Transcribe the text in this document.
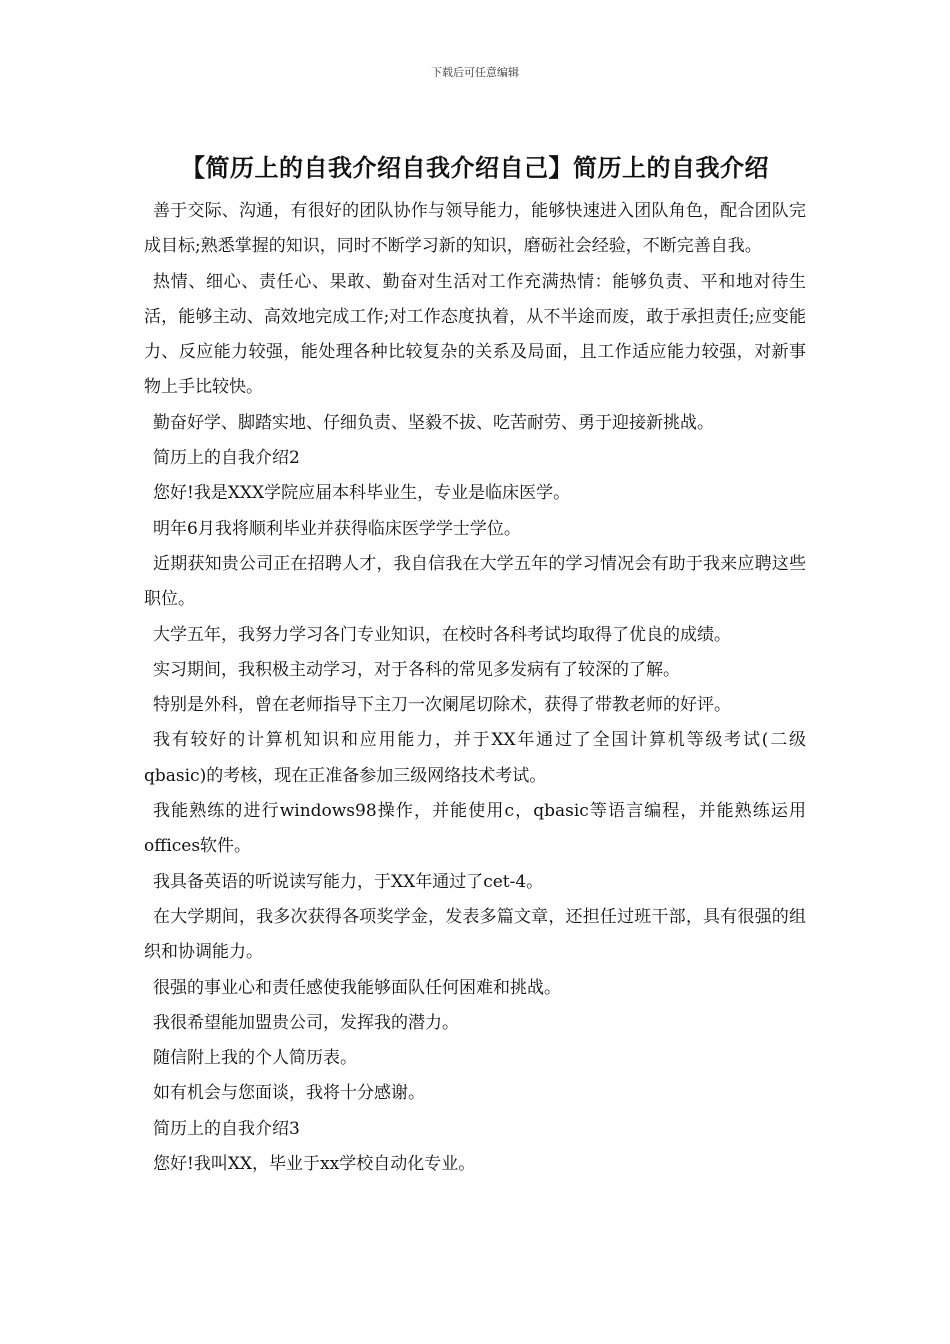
下载后可任意编辑
【简历上的自我介绍自我介绍自己】简历上的自我介绍

善于交际、沟通，有很好的团队协作与领导能力，能够快速进入团队角色，配合团队完成目标;熟悉掌握的知识，同时不断学习新的知识，磨砺社会经验，不断完善自我。

热情、细心、责任心、果敢、勤奋对生活对工作充满热情：能够负责、平和地对待生活，能够主动、高效地完成工作;对工作态度执着，从不半途而废，敢于承担责任;应变能力、反应能力较强，能处理各种比较复杂的关系及局面，且工作适应能力较强，对新事物上手比较快。

勤奋好学、脚踏实地、仔细负责、坚毅不拔、吃苦耐劳、勇于迎接新挑战。

简历上的自我介绍2

您好!我是XXX学院应届本科毕业生，专业是临床医学。

明年6月我将顺利毕业并获得临床医学学士学位。

近期获知贵公司正在招聘人才，我自信我在大学五年的学习情况会有助于我来应聘这些职位。

大学五年，我努力学习各门专业知识，在校时各科考试均取得了优良的成绩。

实习期间，我积极主动学习，对于各科的常见多发病有了较深的了解。

特别是外科，曾在老师指导下主刀一次阑尾切除术，获得了带教老师的好评。

我有较好的计算机知识和应用能力，并于XX年通过了全国计算机等级考试(二级qbasic)的考核，现在正准备参加三级网络技术考试。

我能熟练的进行windows98操作，并能使用c，qbasic等语言编程，并能熟练运用offices软件。

我具备英语的听说读写能力，于XX年通过了cet-4。

在大学期间，我多次获得各项奖学金，发表多篇文章，还担任过班干部，具有很强的组织和协调能力。

很强的事业心和责任感使我能够面队任何困难和挑战。

我很希望能加盟贵公司，发挥我的潜力。

随信附上我的个人简历表。

如有机会与您面谈，我将十分感谢。

简历上的自我介绍3

您好!我叫XX，毕业于xx学校自动化专业。
